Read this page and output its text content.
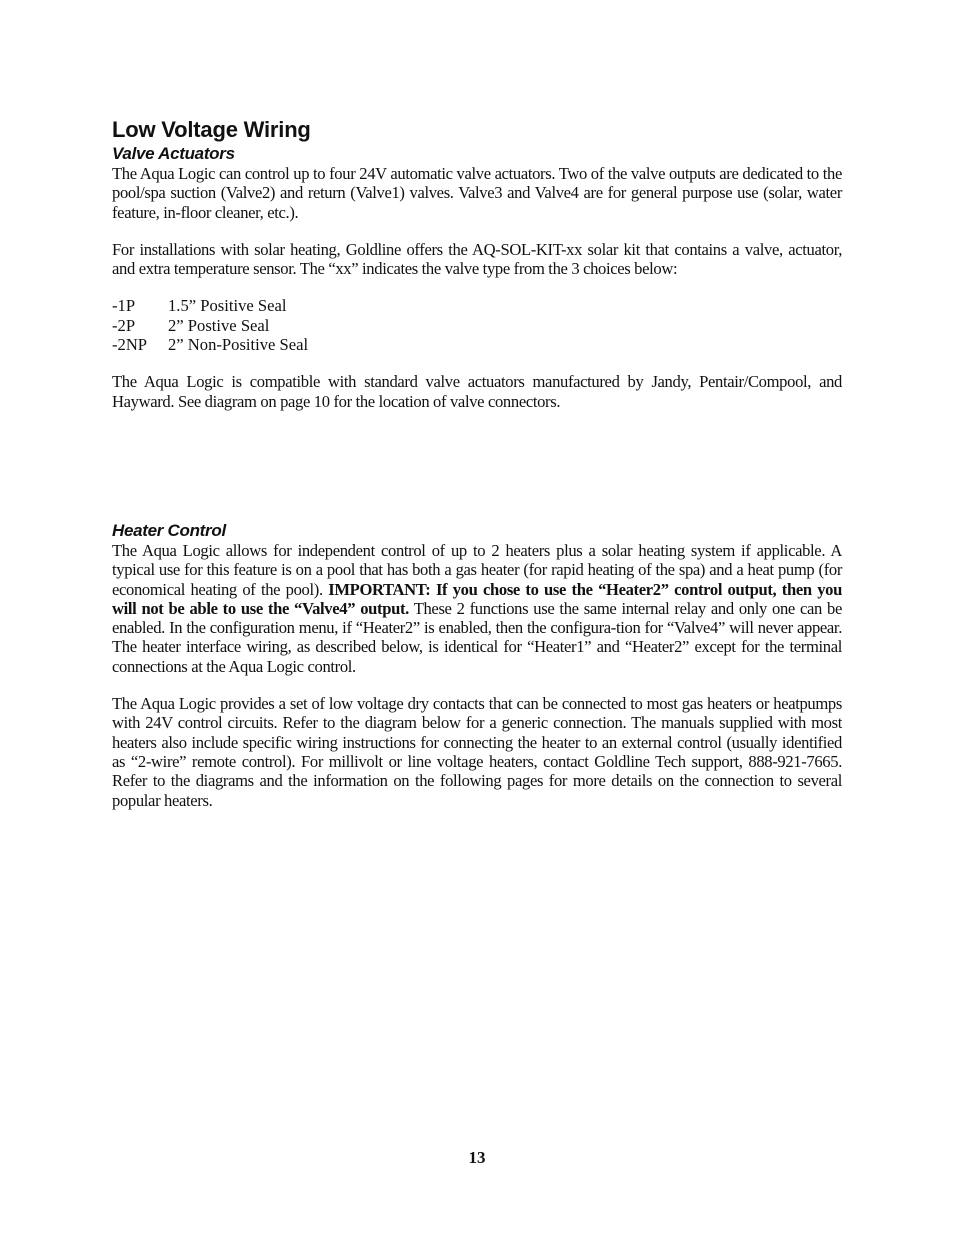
Low Voltage Wiring
Valve Actuators

The Aqua Logic can control up to four 24V automatic valve actuators. Two of the valve outputs are dedicated to the pool/spa suction (Valve2) and return (Valve1) valves. Valve3 and Valve4 are for general purpose use (solar, water feature, in-floor cleaner, etc.).

For installations with solar heating, Goldline offers the AQ-SOL-KIT-xx solar kit that contains a valve, actuator, and extra temperature sensor. The “xx” indicates the valve type from the 3 choices below:

-1P	1.5” Positive Seal
-2P	2” Postive Seal
-2NP	2” Non-Positive Seal

The Aqua Logic is compatible with standard valve actuators manufactured by Jandy, Pentair/Compool, and Hayward. See diagram on page 10 for the location of valve connectors.

Heater Control

The Aqua Logic allows for independent control of up to 2 heaters plus a solar heating system if applicable. A typical use for this feature is on a pool that has both a gas heater (for rapid heating of the spa) and a heat pump (for economical heating of the pool). IMPORTANT: If you chose to use the “Heater2” control output, then you will not be able to use the “Valve4” output. These 2 functions use the same internal relay and only one can be enabled. In the configuration menu, if “Heater2” is enabled, then the configura-tion for “Valve4” will never appear. The heater interface wiring, as described below, is identical for “Heater1” and “Heater2” except for the terminal connections at the Aqua Logic control.

The Aqua Logic provides a set of low voltage dry contacts that can be connected to most gas heaters or heatpumps with 24V control circuits. Refer to the diagram below for a generic connection. The manuals supplied with most heaters also include specific wiring instructions for connecting the heater to an external control (usually identified as “2-wire” remote control). For millivolt or line voltage heaters, contact Goldline Tech support, 888-921-7665. Refer to the diagrams and the information on the following pages for more details on the connection to several popular heaters.

13
